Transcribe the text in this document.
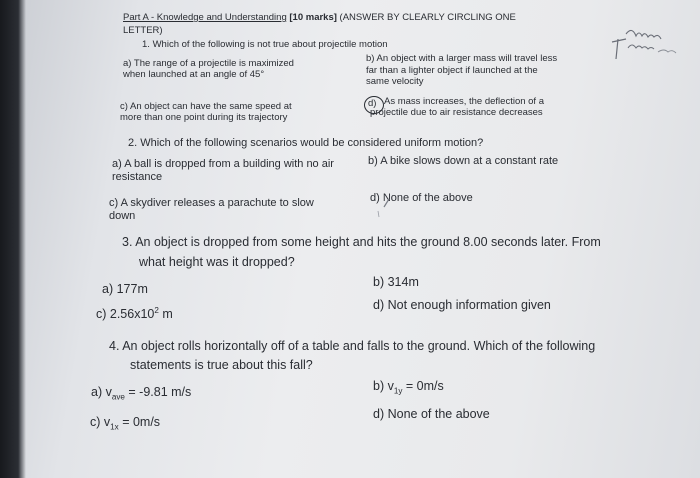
Part A - Knowledge and Understanding [10 marks] (ANSWER BY CLEARLY CIRCLING ONE
LETTER)
1. Which of the following is not true about projectile motion
a) The range of a projectile is maximized
when launched at an angle of 45°
b) An object with a larger mass will travel less
far than a lighter object if launched at the
same velocity
c) An object can have the same speed at
more than one point during its trajectory
d) As mass increases, the deflection of a
projectile due to air resistance decreases
2. Which of the following scenarios would be considered uniform motion?
a) A ball is dropped from a building with no air
resistance
b) A bike slows down at a constant rate
c) A skydiver releases a parachute to slow
down
d) None of the above
3. An object is dropped from some height and hits the ground 8.00 seconds later. From
what height was it dropped?
a) 177m	b) 314m
c) $2.56x10^2$ m
d) Not enough information given
4. An object rolls horizontally off of a table and falls to the ground. Which of the following
statements is true about this fall?
a) $v_{ave} = -9.81$ m/s	b) $v_{1y} = 0m/s$
c) $v_{1x} = 0m/s$
d) None of the above
